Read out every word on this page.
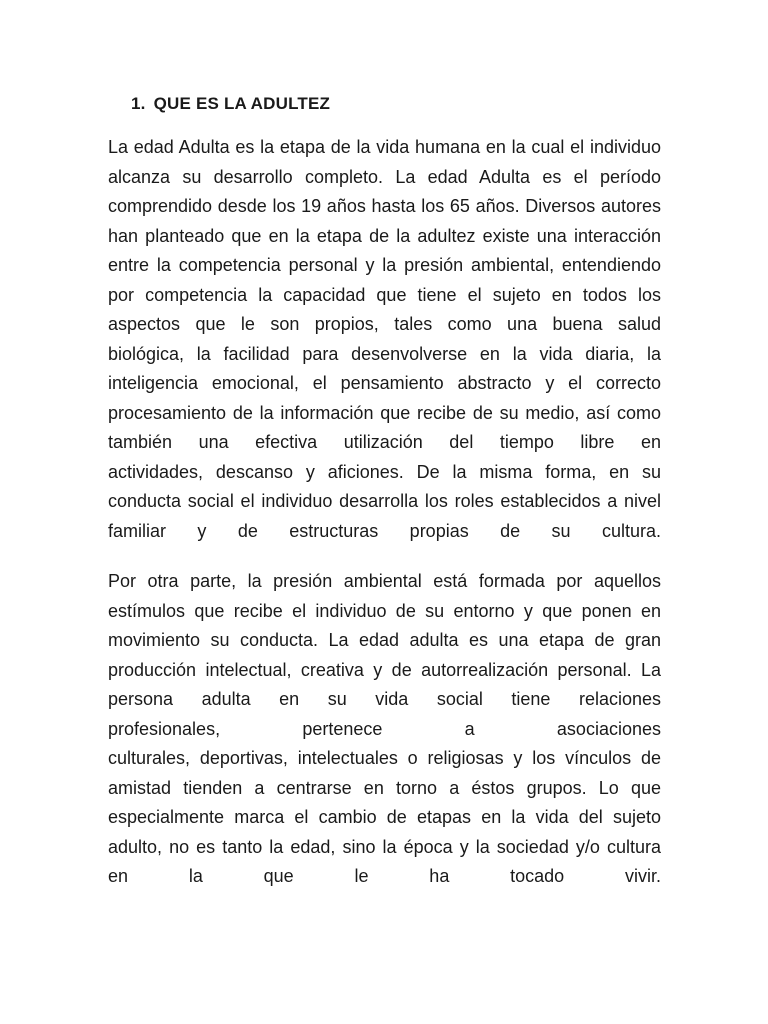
1. QUE ES LA ADULTEZ
La edad Adulta es la etapa de la vida humana en la cual el individuo
alcanza su desarrollo completo. La edad Adulta es el período
comprendido desde los 19 años hasta los 65 años. Diversos autores
han planteado que en la etapa de la adultez existe una interacción
entre la competencia personal y la presión ambiental, entendiendo
por competencia la capacidad que tiene el sujeto en todos los
aspectos que le son propios, tales como una buena salud
biológica, la facilidad para desenvolverse en la vida diaria, la
inteligencia emocional, el pensamiento abstracto y el correcto
procesamiento de la información que recibe de su medio, así como
también una efectiva utilización del tiempo libre en
actividades, descanso y aficiones. De la misma forma, en su
conducta social el individuo desarrolla los roles establecidos a nivel
familiar y de estructuras propias de su cultura.
Por otra parte, la presión ambiental está formada por aquellos
estímulos que recibe el individuo de su entorno y que ponen en
movimiento su conducta. La edad adulta es una etapa de gran
producción intelectual, creativa y de autorrealización personal. La
persona adulta en su vida social tiene relaciones
profesionales, pertenece a asociaciones
culturales, deportivas, intelectuales o religiosas y los vínculos de
amistad tienden a centrarse en torno a éstos grupos. Lo que
especialmente marca el cambio de etapas en la vida del sujeto
adulto, no es tanto la edad, sino la época y la sociedad y/o cultura
en la que le ha tocado vivir.
